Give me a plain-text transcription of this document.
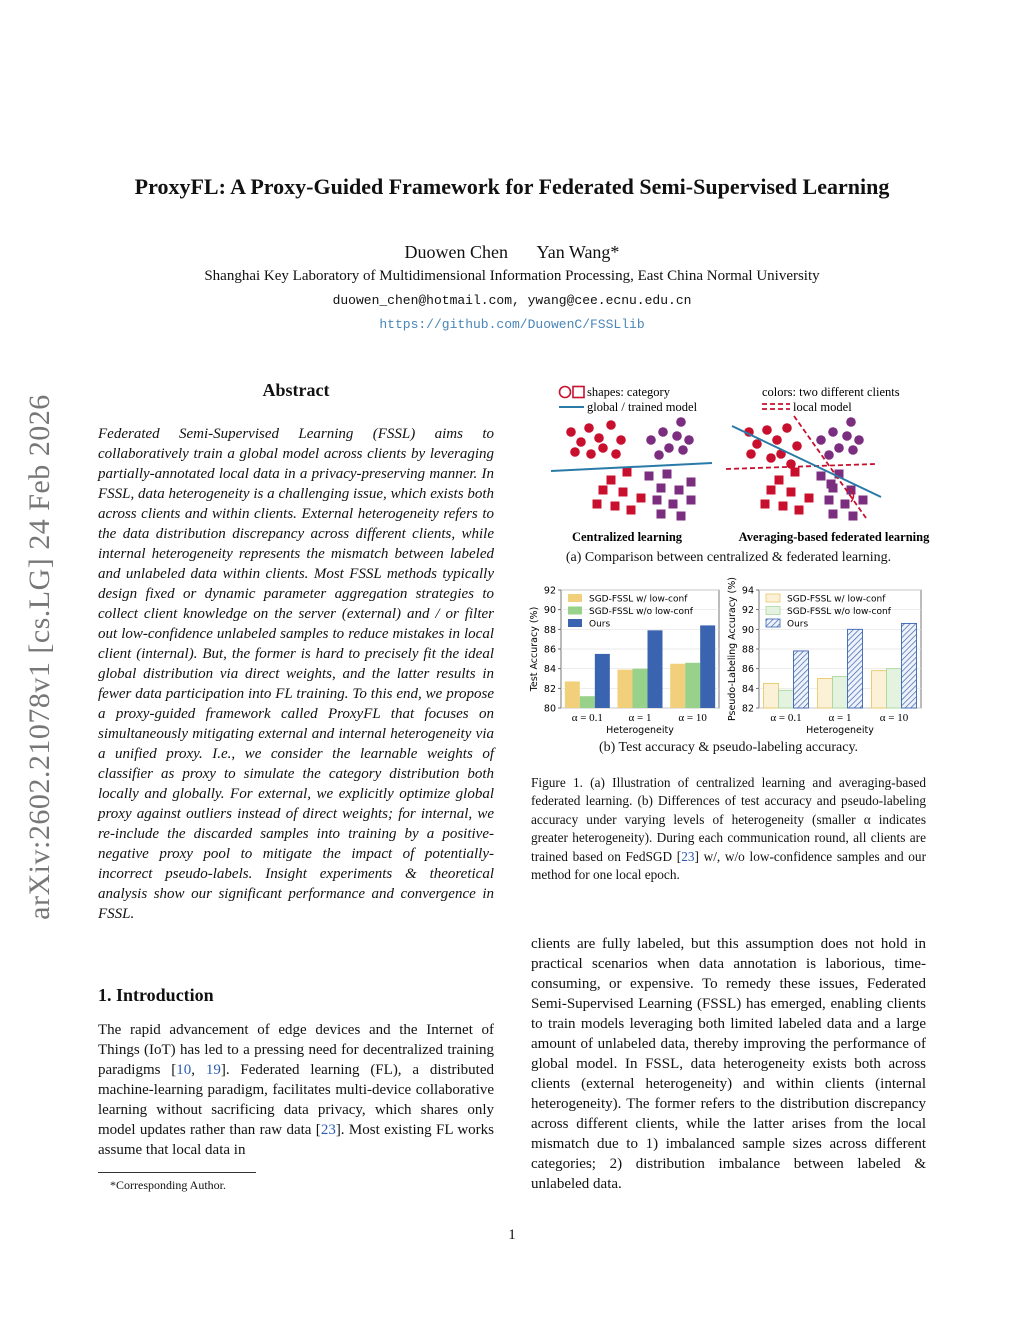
ProxyFL: A Proxy-Guided Framework for Federated Semi-Supervised Learning
Duowen Chen Yan Wang*
Shanghai Key Laboratory of Multidimensional Information Processing, East China Normal University
duowen_chen@hotmail.com, ywang@cee.ecnu.edu.cn
https://github.com/DuowenC/FSSLlib
arXiv:2602.21078v1 [cs.LG] 24 Feb 2026
Abstract
Federated Semi-Supervised Learning (FSSL) aims to collaboratively train a global model across clients by leveraging partially-annotated local data in a privacy-preserving manner. In FSSL, data heterogeneity is a challenging issue, which exists both across clients and within clients. External heterogeneity refers to the data distribution discrepancy across different clients, while internal heterogeneity represents the mismatch between labeled and unlabeled data within clients. Most FSSL methods typically design fixed or dynamic parameter aggregation strategies to collect client knowledge on the server (external) and / or filter out low-confidence unlabeled samples to reduce mistakes in local client (internal). But, the former is hard to precisely fit the ideal global distribution via direct weights, and the latter results in fewer data participation into FL training. To this end, we propose a proxy-guided framework called ProxyFL that focuses on simultaneously mitigating external and internal heterogeneity via a unified proxy. I.e., we consider the learnable weights of classifier as proxy to simulate the category distribution both locally and globally. For external, we explicitly optimize global proxy against outliers instead of direct weights; for internal, we re-include the discarded samples into training by a positive-negative proxy pool to mitigate the impact of potentially-incorrect pseudo-labels. Insight experiments & theoretical analysis show our significant performance and convergence in FSSL.
1. Introduction
The rapid advancement of edge devices and the Internet of Things (IoT) has led to a pressing need for decentralized training paradigms [10, 19]. Federated learning (FL), a distributed machine-learning paradigm, facilitates multi-device collaborative learning without sacrificing data privacy, which shares only model updates rather than raw data [23]. Most existing FL works assume that local data in
*Corresponding Author.
clients are fully labeled, but this assumption does not hold in practical scenarios when data annotation is laborious, time-consuming, or expensive. To remedy these issues, Federated Semi-Supervised Learning (FSSL) has emerged, enabling clients to train models leveraging both limited labeled data and a large amount of unlabeled data, thereby improving the performance of global model. In FSSL, data heterogeneity exists both across clients (external heterogeneity) and within clients (internal heterogeneity). The former refers to the distribution discrepancy across different clients, while the latter arises from the local mismatch due to 1) imbalanced sample sizes across different categories; 2) distribution imbalance between labeled & unlabeled data.
shapes: category
global / trained model
colors: two different clients
local model
Centralized learning	Averaging-based federated learning
(a) Comparison between centralized & federated learning.
80
82
84
86
88
90
92
α = 0.1 α = 1 α = 10
Heterogeneity
Test Accuracy (%)
SGD-FSSL w/ low-conf
SGD-FSSL w/o low-conf
Ours
82
84
86
88
90
92
94
α = 0.1 α = 1	α = 10
Heterogeneity
Pseudo-Labeling Accuracy (%)	SGD-FSSL w/ low-conf
SGD-FSSL w/o low-conf
Ours
(b) Test accuracy & pseudo-labeling accuracy.
Figure 1. (a) Illustration of centralized learning and averaging-based federated learning. (b) Differences of test accuracy and pseudo-labeling accuracy under varying levels of heterogeneity (smaller α indicates greater heterogeneity). During each communication round, all clients are trained based on FedSGD [23] w/, w/o low-confidence samples and our method for one local epoch.
1
